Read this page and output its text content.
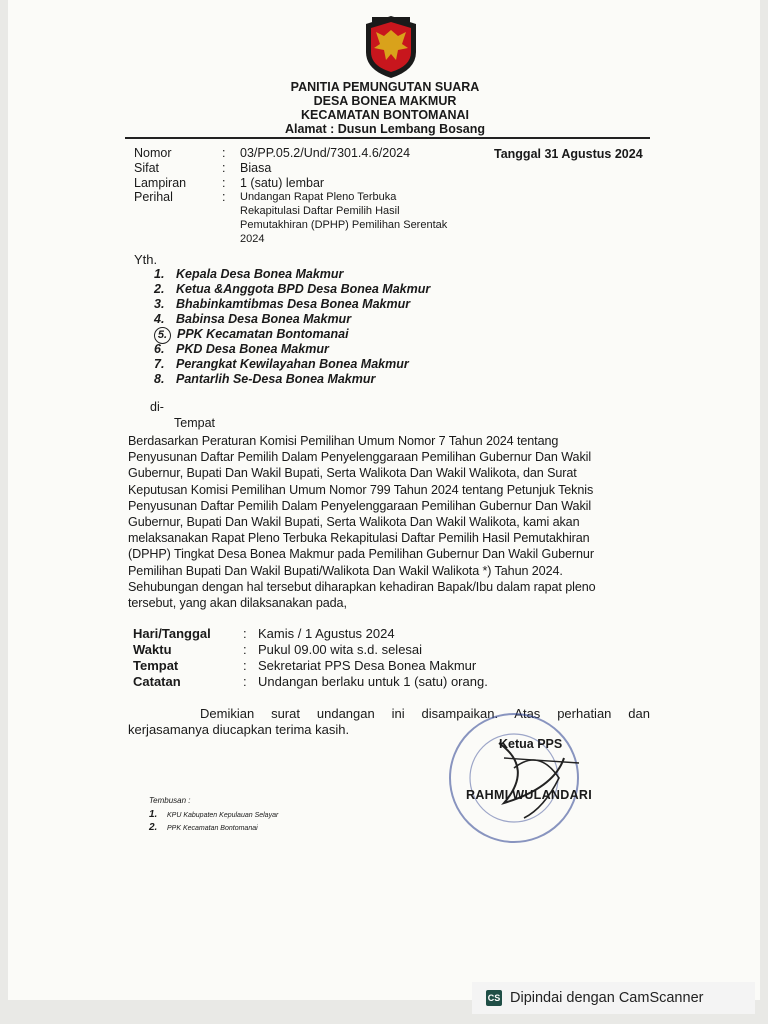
PANITIA PEMUNGUTAN SUARA
DESA BONEA MAKMUR
KECAMATAN BONTOMANAI
Alamat : Dusun Lembang Bosang
Nomor	: 03/PP.05.2/Und/7301.4.6/2024	Tanggal 31 Agustus 2024
Sifat	: Biasa
Lampiran	: 1 (satu) lembar
Perihal	: Undangan Rapat Pleno Terbuka
Rekapitulasi Daftar Pemilih Hasil
Pemutakhiran (DPHP) Pemilihan Serentak
2024
Yth.
1. Kepala Desa Bonea Makmur
2. Ketua &Anggota BPD Desa Bonea Makmur
3. Bhabinkamtibmas Desa Bonea Makmur
4. Babinsa Desa Bonea Makmur
5. PPK Kecamatan Bontomanai
6. PKD Desa Bonea Makmur
7. Perangkat Kewilayahan Bonea Makmur
8. Pantarlih Se-Desa Bonea Makmur
di-
Tempat
Berdasarkan Peraturan Komisi Pemilihan Umum Nomor 7 Tahun 2024 tentang
Penyusunan Daftar Pemilih Dalam Penyelenggaraan Pemilihan Gubernur Dan Wakil
Gubernur, Bupati Dan Wakil Bupati, Serta Walikota Dan Wakil Walikota, dan Surat
Keputusan Komisi Pemilihan Umum Nomor 799 Tahun 2024 tentang Petunjuk Teknis
Penyusunan Daftar Pemilih Dalam Penyelenggaraan Pemilihan Gubernur Dan Wakil
Gubernur, Bupati Dan Wakil Bupati, Serta Walikota Dan Wakil Walikota, kami akan
melaksanakan Rapat Pleno Terbuka Rekapitulasi Daftar Pemilih Hasil Pemutakhiran
(DPHP) Tingkat Desa Bonea Makmur pada Pemilihan Gubernur Dan Wakil Gubernur
Pemilihan Bupati Dan Wakil Bupati/Walikota Dan Wakil Walikota *) Tahun 2024.
Sehubungan dengan hal tersebut diharapkan kehadiran Bapak/Ibu dalam rapat pleno
tersebut, yang akan dilaksanakan pada,
Hari/Tanggal : Kamis / 1 Agustus 2024
Waktu	: Pukul 09.00 wita s.d. selesai
Tempat	: Sekretariat PPS Desa Bonea Makmur
Catatan	: Undangan berlaku untuk 1 (satu) orang.
Demikian surat undangan ini disampaikan. Atas perhatian dan
kerjasamanya diucapkan terima kasih.
Ketua PPS
RAHMI WULANDARI
Tembusan :
1. KPU Kabupaten Kepulauan Selayar
2. PPK Kecamatan Bontomanai
CS Dipindai dengan CamScanner
